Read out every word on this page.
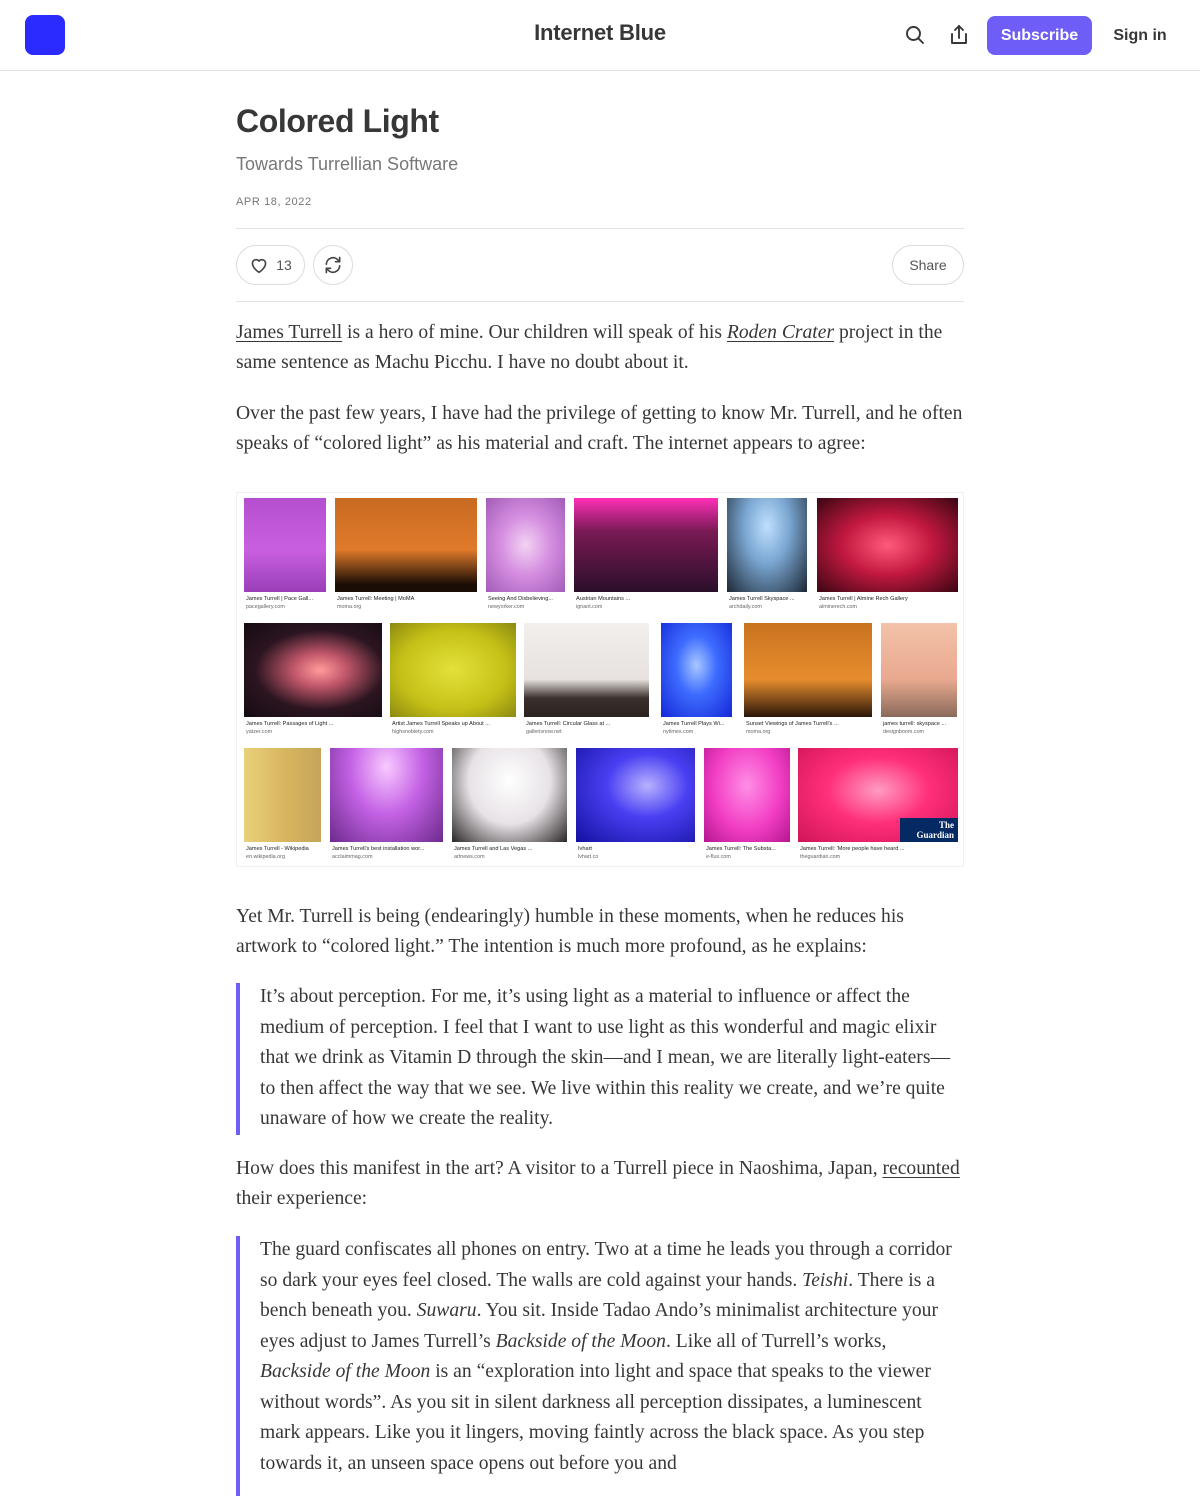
Internet Blue	Subscribe	Sign in
Colored Light
Towards Turrellian Software
APR 18, 2022
13	Share

James Turrell is a hero of mine. Our children will speak of his Roden Crater project in the same sentence as Machu Picchu. I have no doubt about it.

Over the past few years, I have had the privilege of getting to know Mr. Turrell, and he often speaks of “colored light” as his material and craft. The internet appears to agree:

Yet Mr. Turrell is being (endearingly) humble in these moments, when he reduces his artwork to “colored light.” The intention is much more profound, as he explains:

It’s about perception. For me, it’s using light as a material to influence or affect the medium of perception. I feel that I want to use light as this wonderful and magic elixir that we drink as Vitamin D through the skin—and I mean, we are literally light-eaters—to then affect the way that we see. We live within this reality we create, and we’re quite unaware of how we create the reality.

How does this manifest in the art? A visitor to a Turrell piece in Naoshima, Japan, recounted their experience:

The guard confiscates all phones on entry. Two at a time he leads you through a corridor so dark your eyes feel closed. The walls are cold against your hands. Teishi. There is a bench beneath you. Suwaru. You sit. Inside Tadao Ando’s minimalist architecture your eyes adjust to James Turrell’s Backside of the Moon. Like all of Turrell’s works, Backside of the Moon is an “exploration into light and space that speaks to the viewer without words”. As you sit in silent darkness all perception dissipates, a luminescent mark appears. Like you it lingers, moving faintly across the black space. As you step towards it, an unseen space opens out before you and

James Turrell | Pace Gall...
pacegallery.com
James Turrell: Meeting | MoMA
moma.org
Seeing And Disbelieving...
newyorker.com
Austrian Mountains ...
ignant.com
James Turrell Skyspace ...
archdaily.com
James Turrell | Almine Rech Gallery
alminerech.com
James Turrell: Passages of Light ...
yatzer.com
Artist James Turrell Speaks up About ...
highsnobiety.com
James Turrell: Circular Glass at ...
gallerisnow.net
James Turrell Plays Wi...
nytimes.com
Sunset Viewings of James Turrell's ...
moma.org
james turrell: skyspace ...
designboom.com
James Turrell - Wikipedia
en.wikipedia.org
James Turrell's best installation wor...
acclaimmag.com
James Turrell and Las Vegas ...
artnews.com
Ivhart
lvhart.co
James Turrell: The Substa...
e-flux.com
James Turrell: 'More people have heard ...
theguardian.com
The Guardian
